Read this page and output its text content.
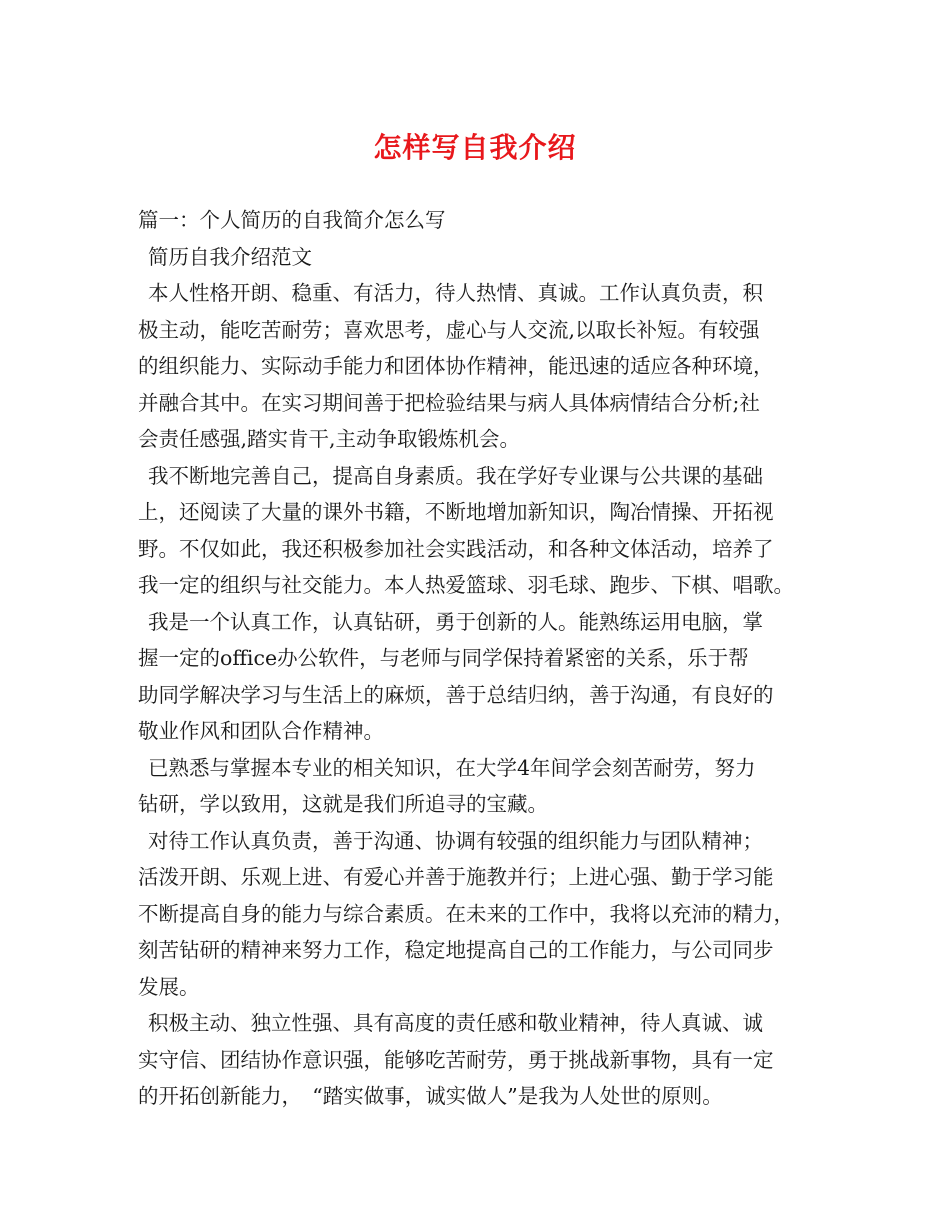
怎样写自我介绍
篇一：个人简历的自我简介怎么写
简历自我介绍范文
本人性格开朗、稳重、有活力，待人热情、真诚。工作认真负责，积
极主动，能吃苦耐劳；喜欢思考，虚心与人交流,以取长补短。有较强
的组织能力、实际动手能力和团体协作精神，能迅速的适应各种环境，
并融合其中。在实习期间善于把检验结果与病人具体病情结合分析;社
会责任感强,踏实肯干,主动争取锻炼机会。
我不断地完善自己，提高自身素质。我在学好专业课与公共课的基础
上，还阅读了大量的课外书籍，不断地增加新知识，陶冶情操、开拓视
野。不仅如此，我还积极参加社会实践活动，和各种文体活动，培养了
我一定的组织与社交能力。本人热爱篮球、羽毛球、跑步、下棋、唱歌。
我是一个认真工作，认真钻研，勇于创新的人。能熟练运用电脑，掌
握一定的office办公软件，与老师与同学保持着紧密的关系，乐于帮
助同学解决学习与生活上的麻烦，善于总结归纳，善于沟通，有良好的
敬业作风和团队合作精神。
已熟悉与掌握本专业的相关知识，在大学4年间学会刻苦耐劳，努力
钻研，学以致用，这就是我们所追寻的宝藏。
对待工作认真负责，善于沟通、协调有较强的组织能力与团队精神；
活泼开朗、乐观上进、有爱心并善于施教并行；上进心强、勤于学习能
不断提高自身的能力与综合素质。在未来的工作中，我将以充沛的精力，
刻苦钻研的精神来努力工作，稳定地提高自己的工作能力，与公司同步
发展。
积极主动、独立性强、具有高度的责任感和敬业精神，待人真诚、诚
实守信、团结协作意识强，能够吃苦耐劳，勇于挑战新事物，具有一定
的开拓创新能力，　“踏实做事，诚实做人”是我为人处世的原则。
